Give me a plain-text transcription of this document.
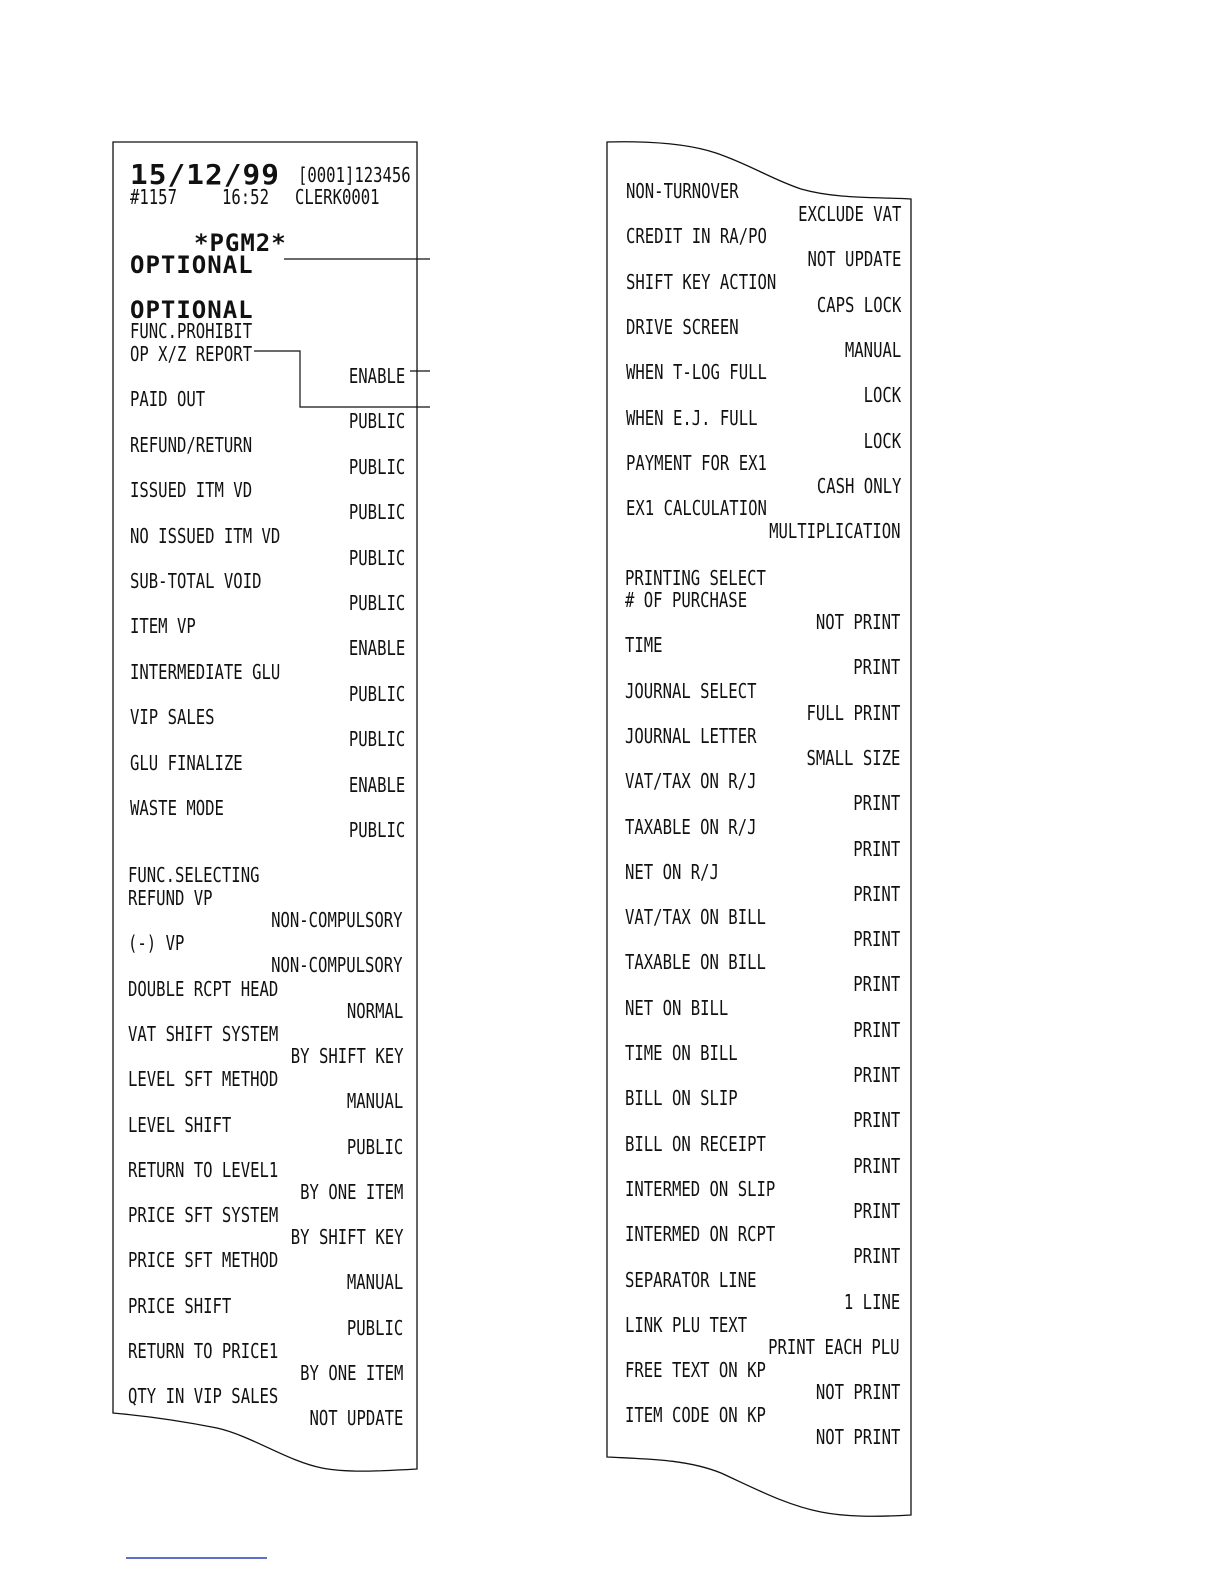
15/12/99 [0001]123456
#1157 16:52 CLERK0001
*PGM2*
OPTIONAL
OPTIONAL
FUNC.PROHIBIT
OP X/Z REPORT
ENABLE
PAID OUT
PUBLIC
REFUND/RETURN
PUBLIC
ISSUED ITM VD
PUBLIC
NO ISSUED ITM VD
PUBLIC
SUB-TOTAL VOID
PUBLIC
ITEM VP
ENABLE
INTERMEDIATE GLU
PUBLIC
VIP SALES
PUBLIC
GLU FINALIZE
ENABLE
WASTE MODE
PUBLIC
FUNC.SELECTING
REFUND VP
NON-COMPULSORY
(-) VP
NON-COMPULSORY
DOUBLE RCPT HEAD
NORMAL
VAT SHIFT SYSTEM
BY SHIFT KEY
LEVEL SFT METHOD
MANUAL
LEVEL SHIFT
PUBLIC
RETURN TO LEVEL1
BY ONE ITEM
PRICE SFT SYSTEM
BY SHIFT KEY
PRICE SFT METHOD
MANUAL
PRICE SHIFT
PUBLIC
RETURN TO PRICE1
BY ONE ITEM
QTY IN VIP SALES
NOT UPDATE
NON-TURNOVER
EXCLUDE VAT
CREDIT IN RA/PO
NOT UPDATE
SHIFT KEY ACTION
CAPS LOCK
DRIVE SCREEN
MANUAL
WHEN T-LOG FULL
LOCK
WHEN E.J. FULL
LOCK
PAYMENT FOR EX1
CASH ONLY
EX1 CALCULATION
MULTIPLICATION
PRINTING SELECT
# OF PURCHASE
NOT PRINT
TIME
PRINT
JOURNAL SELECT
FULL PRINT
JOURNAL LETTER
SMALL SIZE
VAT/TAX ON R/J
PRINT
TAXABLE ON R/J
PRINT
NET ON R/J
PRINT
VAT/TAX ON BILL
PRINT
TAXABLE ON BILL
PRINT
NET ON BILL
PRINT
TIME ON BILL
PRINT
BILL ON SLIP
PRINT
BILL ON RECEIPT
PRINT
INTERMED ON SLIP
PRINT
INTERMED ON RCPT
PRINT
SEPARATOR LINE
1 LINE
LINK PLU TEXT
PRINT EACH PLU
FREE TEXT ON KP
NOT PRINT
ITEM CODE ON KP
NOT PRINT
